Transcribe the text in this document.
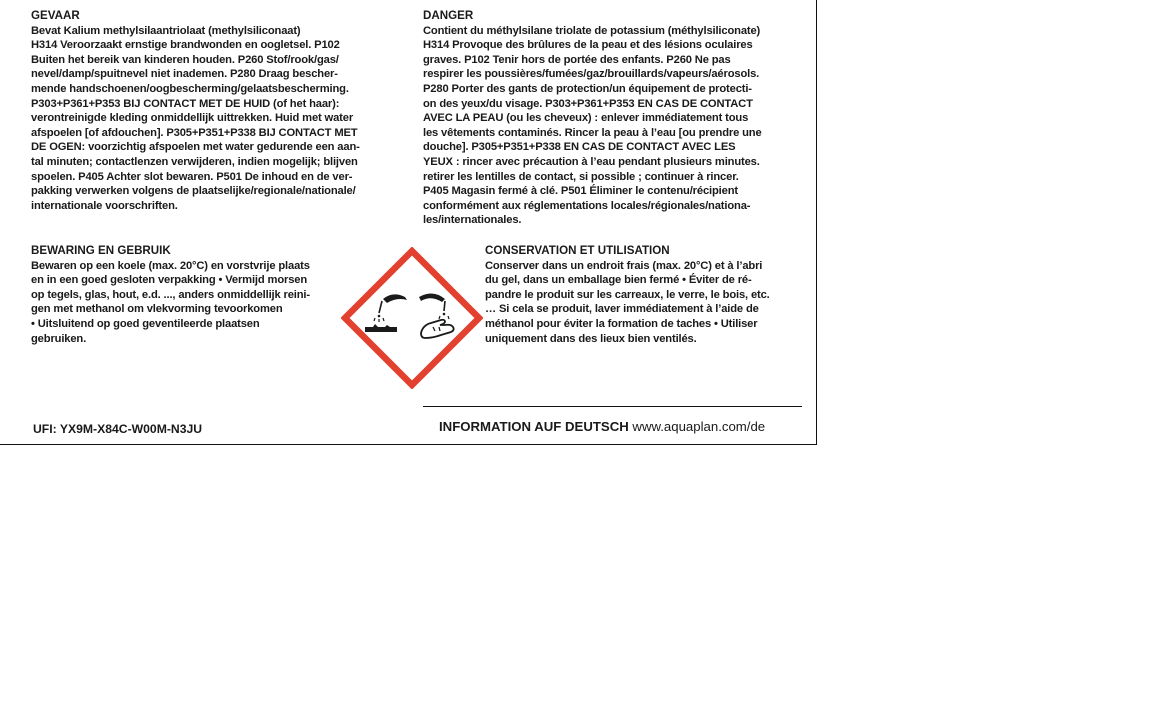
GEVAAR
Bevat Kalium methylsilaantriolaat (methylsiliconaat)
H314 Veroorzaakt ernstige brandwonden en oogletsel. P102
Buiten het bereik van kinderen houden. P260 Stof/rook/gas/
nevel/damp/spuitnevel niet inademen. P280 Draag bescher-
mende handschoenen/oogbescherming/gelaatsbescherming.
P303+P361+P353 BIJ CONTACT MET DE HUID (of het haar):
verontreinigde kleding onmiddellijk uittrekken. Huid met water
afspoelen [of afdouchen]. P305+P351+P338 BIJ CONTACT MET
DE OGEN: voorzichtig afspoelen met water gedurende een aan-
tal minuten; contactlenzen verwijderen, indien mogelijk; blijven
spoelen. P405 Achter slot bewaren. P501 De inhoud en de ver-
pakking verwerken volgens de plaatselijke/regionale/nationale/
internationale voorschriften.
DANGER
Contient du méthylsilane triolate de potassium (méthylsiliconate)
H314 Provoque des brûlures de la peau et des lésions oculaires
graves. P102 Tenir hors de portée des enfants. P260 Ne pas
respirer les poussières/fumées/gaz/brouillards/vapeurs/aérosols.
P280 Porter des gants de protection/un équipement de protecti-
on des yeux/du visage. P303+P361+P353 EN CAS DE CONTACT
AVEC LA PEAU (ou les cheveux) : enlever immédiatement tous
les vêtements contaminés. Rincer la peau à l’eau [ou prendre une
douche]. P305+P351+P338 EN CAS DE CONTACT AVEC LES
YEUX : rincer avec précaution à l’eau pendant plusieurs minutes.
retirer les lentilles de contact, si possible ; continuer à rincer.
P405 Magasin fermé à clé. P501 Éliminer le contenu/récipient
conformément aux réglementations locales/régionales/nationa-
les/internationales.
BEWARING EN GEBRUIK
Bewaren op een koele (max. 20°C) en vorstvrije plaats
en in een goed gesloten verpakking • Vermijd morsen
op tegels, glas, hout, e.d. ..., anders onmiddellijk reini-
gen met methanol om vlekvorming tevoorkomen
• Uitsluitend op goed geventileerde plaatsen
gebruiken.
CONSERVATION ET UTILISATION
Conserver dans un endroit frais (max. 20°C) et à l’abri
du gel, dans un emballage bien fermé • Éviter de ré-
pandre le produit sur les carreaux, le verre, le bois, etc.
… Si cela se produit, laver immédiatement à l’aide de
méthanol pour éviter la formation de taches • Utiliser
uniquement dans des lieux bien ventilés.
UFI: YX9M-X84C-W00M-N3JU	INFORMATION AUF DEUTSCH www.aquaplan.com/de
